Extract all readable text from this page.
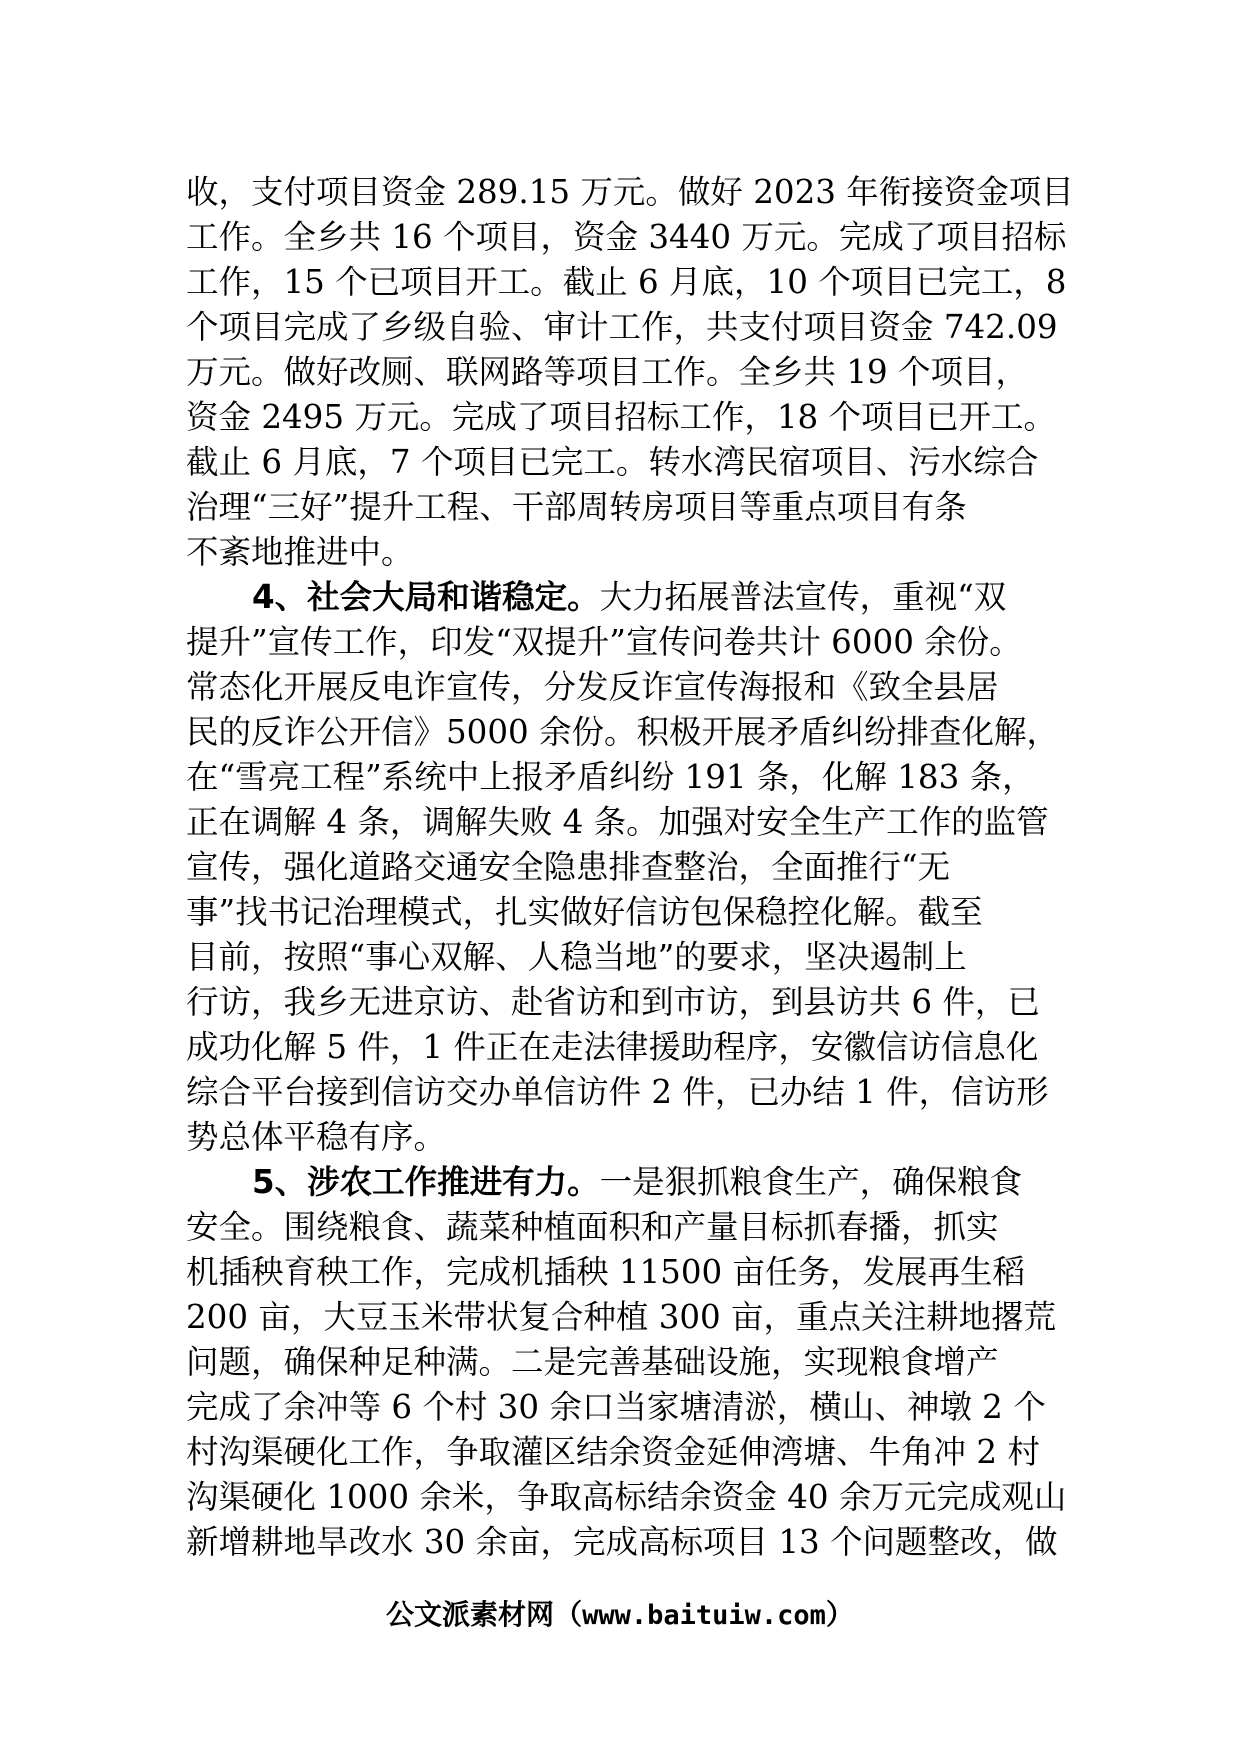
收，支付项目资金 289.15 万元。做好 2023 年衔接资金项目
工作。全乡共 16 个项目，资金 3440 万元。完成了项目招标
工作，15 个已项目开工。截止 6 月底，10 个项目已完工，8
个项目完成了乡级自验、审计工作，共支付项目资金 742.09
万元。做好改厕、联网路等项目工作。全乡共 19 个项目，
资金 2495 万元。完成了项目招标工作，18 个项目已开工。
截止 6 月底，7 个项目已完工。转水湾民宿项目、污水综合
治理“三好”提升工程、干部周转房项目等重点项目有条
不紊地推进中。
4、社会大局和谐稳定。大力拓展普法宣传，重视“双
提升”宣传工作，印发“双提升”宣传问卷共计 6000 余份。
常态化开展反电诈宣传，分发反诈宣传海报和《致全县居
民的反诈公开信》5000 余份。积极开展矛盾纠纷排查化解，
在“雪亮工程”系统中上报矛盾纠纷 191 条，化解 183 条，
正在调解 4 条，调解失败 4 条。加强对安全生产工作的监管
宣传，强化道路交通安全隐患排查整治，全面推行“无
事”找书记治理模式，扎实做好信访包保稳控化解。截至
目前，按照“事心双解、人稳当地”的要求，坚决遏制上
行访，我乡无进京访、赴省访和到市访，到县访共 6 件，已
成功化解 5 件，1 件正在走法律援助程序，安徽信访信息化
综合平台接到信访交办单信访件 2 件，已办结 1 件，信访形
势总体平稳有序。
5、涉农工作推进有力。一是狠抓粮食生产，确保粮食
安全。围绕粮食、蔬菜种植面积和产量目标抓春播，抓实
机插秧育秧工作，完成机插秧 11500 亩任务，发展再生稻
200 亩，大豆玉米带状复合种植 300 亩，重点关注耕地撂荒
问题，确保种足种满。二是完善基础设施，实现粮食增产
完成了余冲等 6 个村 30 余口当家塘清淤，横山、神墩 2 个
村沟渠硬化工作，争取灌区结余资金延伸湾塘、牛角冲 2 村
沟渠硬化 1000 余米，争取高标结余资金 40 余万元完成观山
新增耕地旱改水 30 余亩，完成高标项目 13 个问题整改，做
公文派素材网（www.baituiw.com）
